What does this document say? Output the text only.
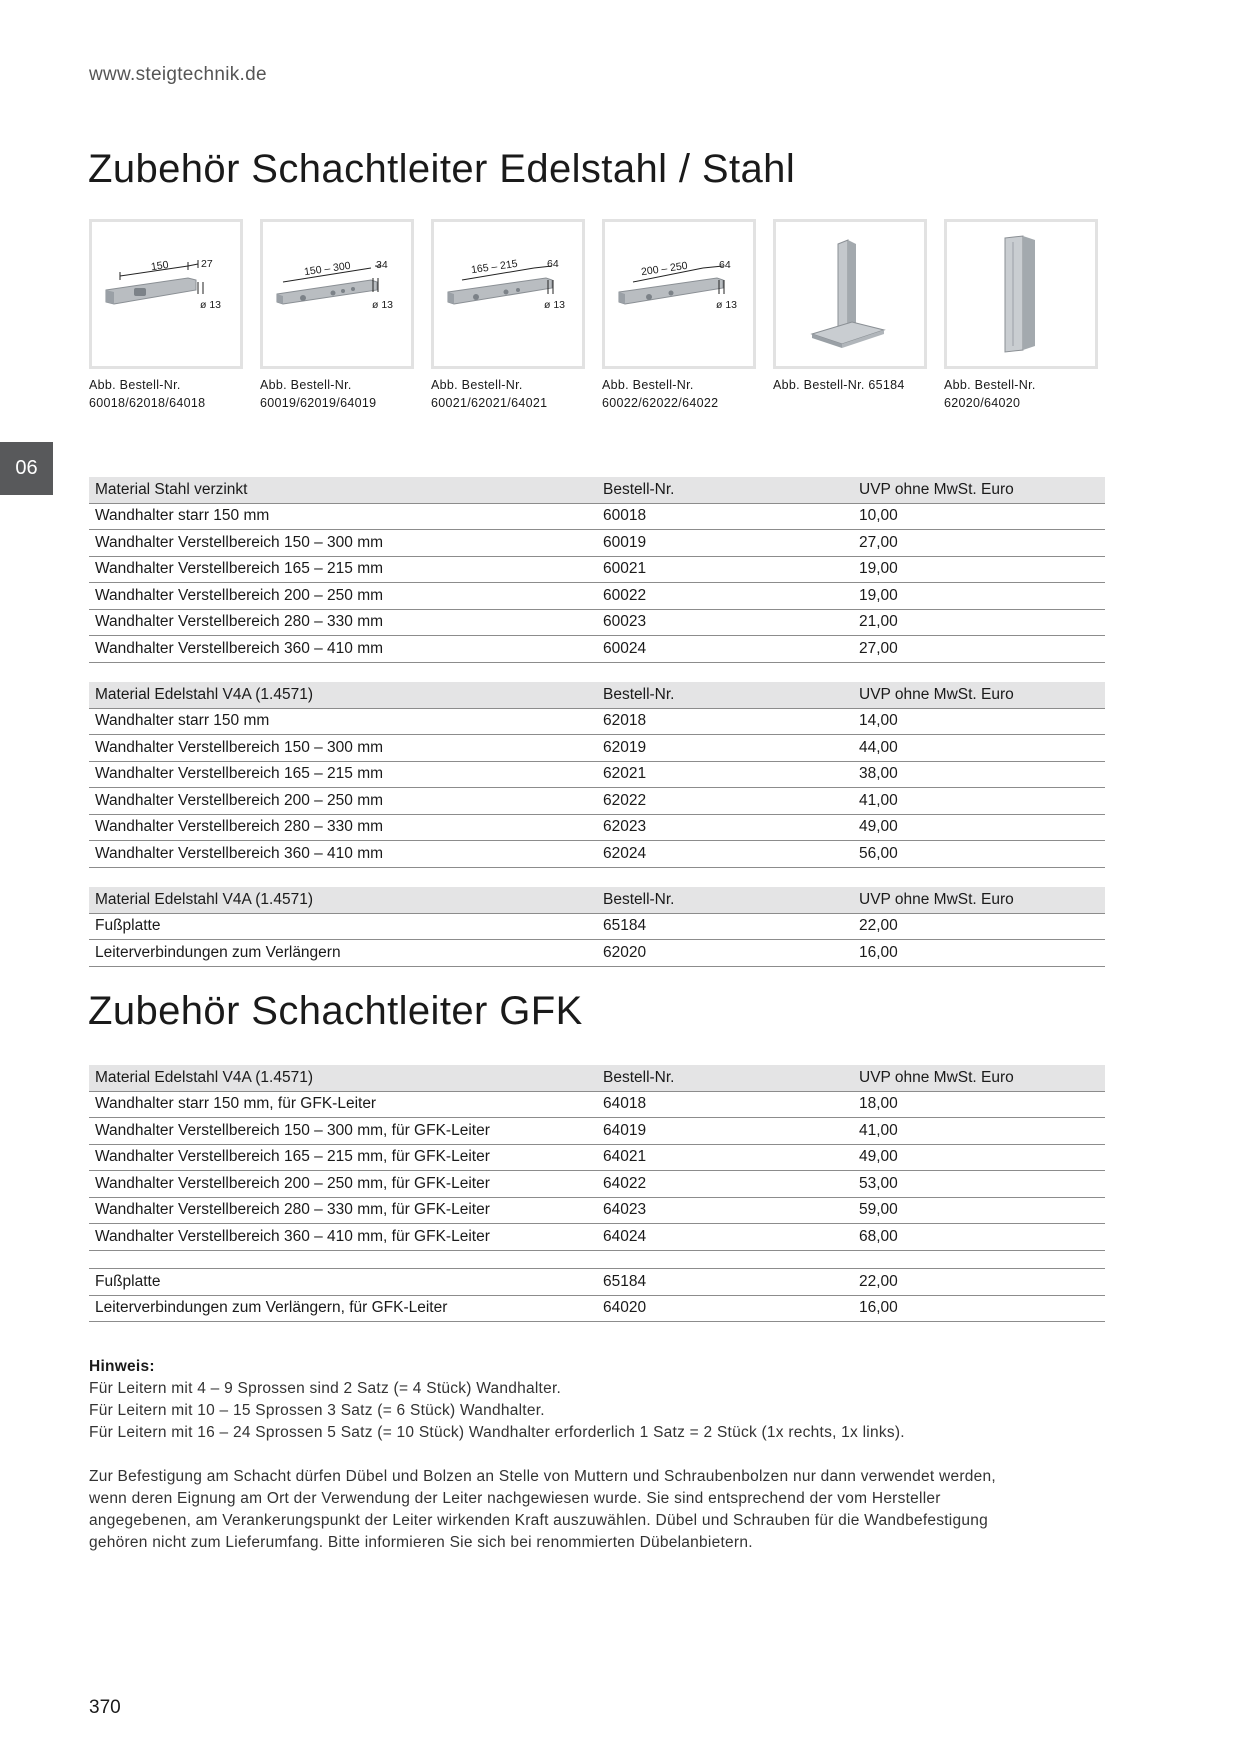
www.steigtechnik.de
06
Zubehör Schachtleiter Edelstahl / Stahl
150	27
ø 13
150 – 300 34
ø 13
165 – 215	64
ø 13
200 – 250	64
ø 13
Abb. Bestell-Nr.
60018/62018/64018
Abb. Bestell-Nr.
60019/62019/64019
Abb. Bestell-Nr.
60021/62021/64021
Abb. Bestell-Nr.
60022/62022/64022
Abb. Bestell-Nr. 65184	Abb. Bestell-Nr.
62020/64020
Material Stahl verzinkt	Bestell-Nr.	UVP ohne MwSt. Euro
Wandhalter starr 150 mm	60018	10,00
Wandhalter Verstellbereich 150 – 300 mm	60019	27,00
Wandhalter Verstellbereich 165 – 215 mm	60021	19,00
Wandhalter Verstellbereich 200 – 250 mm	60022	19,00
Wandhalter Verstellbereich 280 – 330 mm	60023	21,00
Wandhalter Verstellbereich 360 – 410 mm	60024	27,00
Material Edelstahl V4A (1.4571)	Bestell-Nr.	UVP ohne MwSt. Euro
Wandhalter starr 150 mm	62018	14,00
Wandhalter Verstellbereich 150 – 300 mm	62019	44,00
Wandhalter Verstellbereich 165 – 215 mm	62021	38,00
Wandhalter Verstellbereich 200 – 250 mm	62022	41,00
Wandhalter Verstellbereich 280 – 330 mm	62023	49,00
Wandhalter Verstellbereich 360 – 410 mm	62024	56,00
Material Edelstahl V4A (1.4571)	Bestell-Nr.	UVP ohne MwSt. Euro
Fußplatte	65184	22,00
Leiterverbindungen zum Verlängern	62020	16,00
Zubehör Schachtleiter GFK
Material Edelstahl V4A (1.4571)	Bestell-Nr.	UVP ohne MwSt. Euro
Wandhalter starr 150 mm, für GFK-Leiter	64018	18,00
Wandhalter Verstellbereich 150 – 300 mm, für GFK-Leiter	64019	41,00
Wandhalter Verstellbereich 165 – 215 mm, für GFK-Leiter	64021	49,00
Wandhalter Verstellbereich 200 – 250 mm, für GFK-Leiter	64022	53,00
Wandhalter Verstellbereich 280 – 330 mm, für GFK-Leiter	64023	59,00
Wandhalter Verstellbereich 360 – 410 mm, für GFK-Leiter	64024	68,00
Fußplatte	65184	22,00
Leiterverbindungen zum Verlängern, für GFK-Leiter	64020	16,00

Hinweis:

Für Leitern mit 4 – 9 Sprossen sind 2 Satz (= 4 Stück) Wandhalter.

Für Leitern mit 10 – 15 Sprossen 3 Satz (= 6 Stück) Wandhalter.

Für Leitern mit 16 – 24 Sprossen 5 Satz (= 10 Stück) Wandhalter erforderlich 1 Satz = 2 Stück (1x rechts, 1x links).

Zur Befestigung am Schacht dürfen Dübel und Bolzen an Stelle von Muttern und Schraubenbolzen nur dann verwendet werden,

wenn deren Eignung am Ort der Verwendung der Leiter nachgewiesen wurde. Sie sind entsprechend der vom Hersteller

angegebenen, am Verankerungspunkt der Leiter wirkenden Kraft auszuwählen. Dübel und Schrauben für die Wandbefestigung

gehören nicht zum Lieferumfang. Bitte informieren Sie sich bei renommierten Dübelanbietern.

370
